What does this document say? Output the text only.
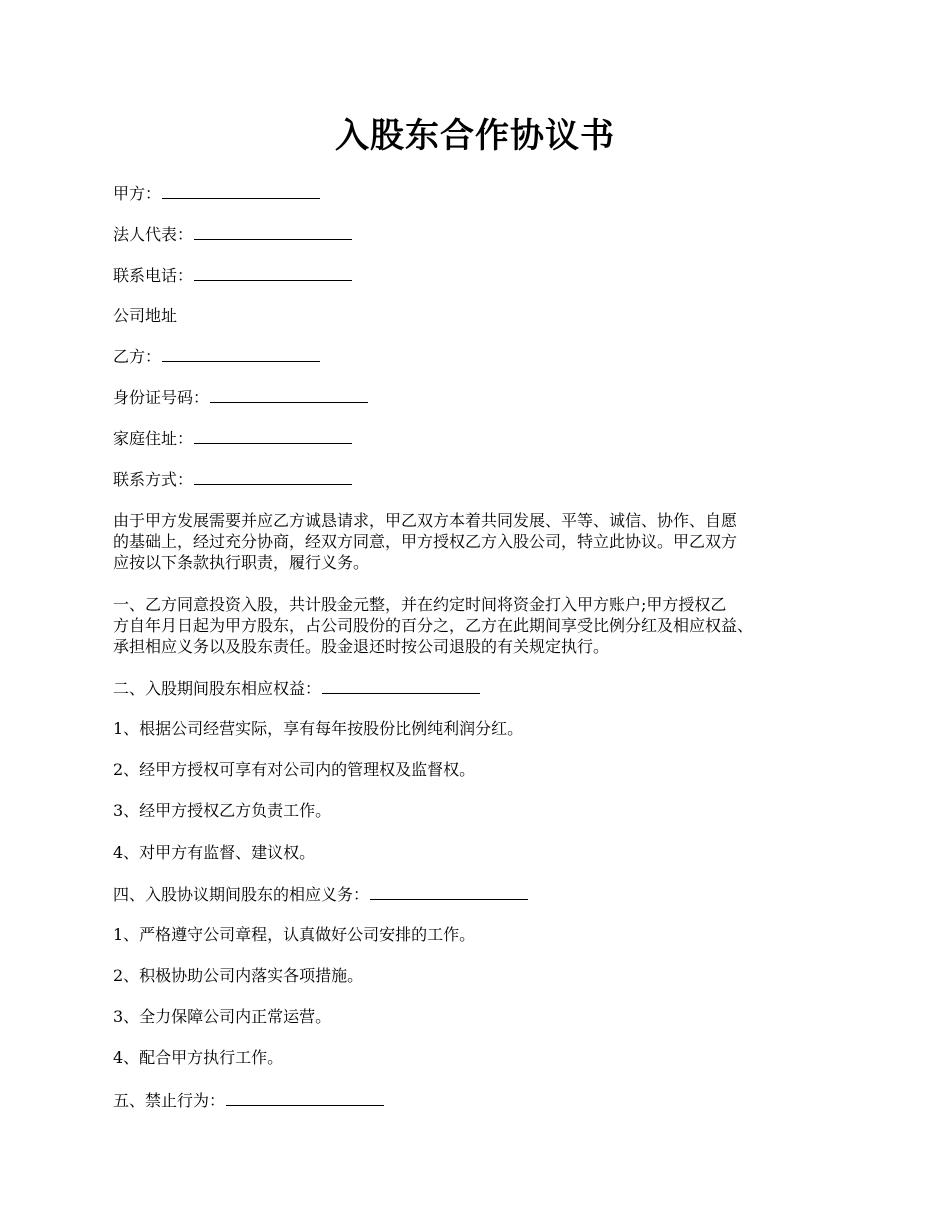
入股东合作协议书
甲方：
法人代表：
联系电话：
公司地址
乙方：
身份证号码：
家庭住址：
联系方式：
由于甲方发展需要并应乙方诚恳请求，甲乙双方本着共同发展、平等、诚信、协作、自愿
的基础上，经过充分协商，经双方同意，甲方授权乙方入股公司，特立此协议。甲乙双方
应按以下条款执行职责，履行义务。
一、乙方同意投资入股，共计股金元整，并在约定时间将资金打入甲方账户;甲方授权乙
方自年月日起为甲方股东，占公司股份的百分之，乙方在此期间享受比例分红及相应权益、
承担相应义务以及股东责任。股金退还时按公司退股的有关规定执行。
二、入股期间股东相应权益：
1、根据公司经营实际，享有每年按股份比例纯利润分红。
2、经甲方授权可享有对公司内的管理权及监督权。
3、经甲方授权乙方负责工作。
4、对甲方有监督、建议权。
四、入股协议期间股东的相应义务：
1、严格遵守公司章程，认真做好公司安排的工作。
2、积极协助公司内落实各项措施。
3、全力保障公司内正常运营。
4、配合甲方执行工作。
五、禁止行为：
